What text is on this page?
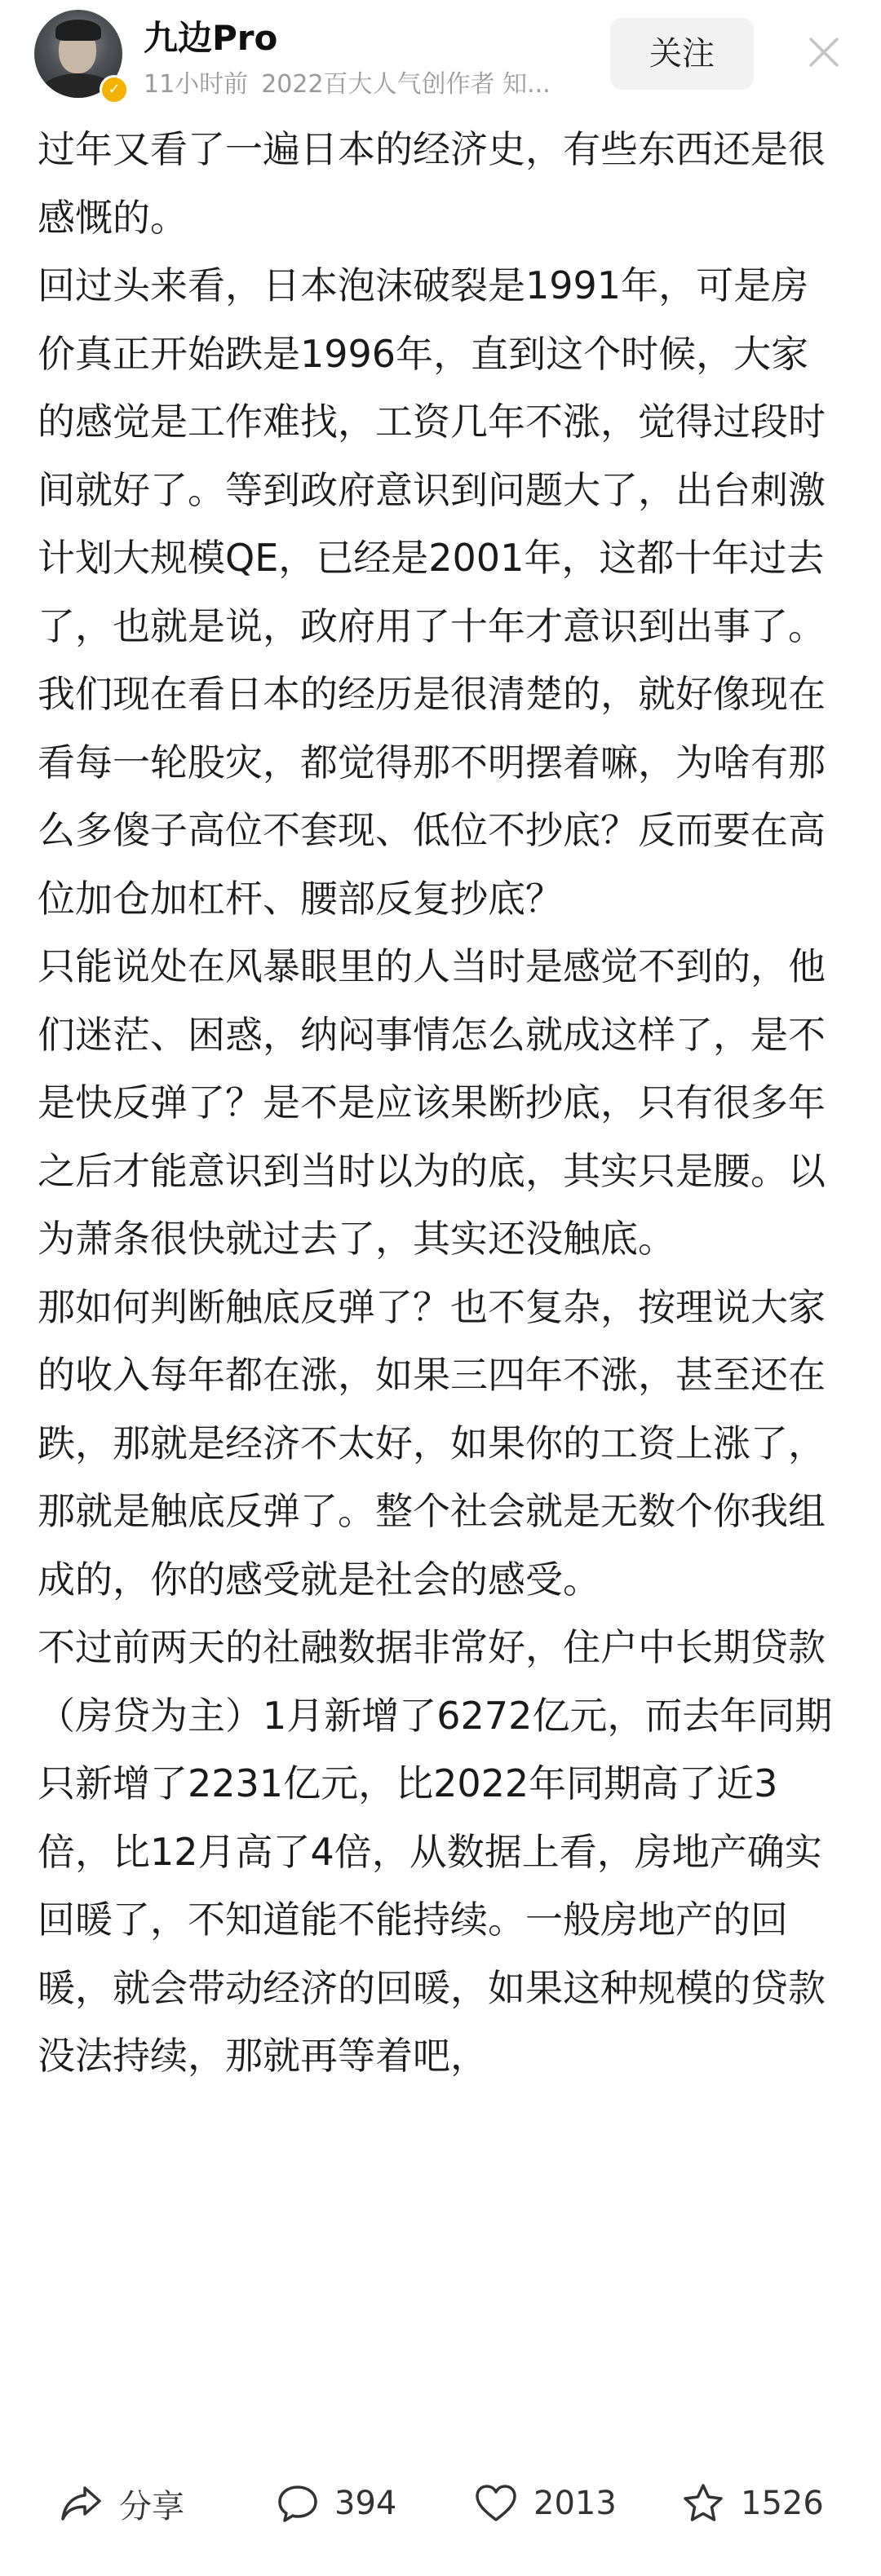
✓
九边Pro
11小时前 2022百大人气创作者 知...
关注

过年又看了一遍日本的经济史，有些东西还是很感慨的。

回过头来看，日本泡沫破裂是1991年，可是房价真正开始跌是1996年，直到这个时候，大家的感觉是工作难找，工资几年不涨，觉得过段时间就好了。等到政府意识到问题大了，出台刺激计划大规模QE，已经是2001年，这都十年过去了，也就是说，政府用了十年才意识到出事了。

我们现在看日本的经历是很清楚的，就好像现在看每一轮股灾，都觉得那不明摆着嘛，为啥有那么多傻子高位不套现、低位不抄底？反而要在高位加仓加杠杆、腰部反复抄底？

只能说处在风暴眼里的人当时是感觉不到的，他们迷茫、困惑，纳闷事情怎么就成这样了，是不是快反弹了？是不是应该果断抄底，只有很多年之后才能意识到当时以为的底，其实只是腰。以为萧条很快就过去了，其实还没触底。

那如何判断触底反弹了？也不复杂，按理说大家的收入每年都在涨，如果三四年不涨，甚至还在跌，那就是经济不太好，如果你的工资上涨了，那就是触底反弹了。整个社会就是无数个你我组成的，你的感受就是社会的感受。

不过前两天的社融数据非常好，住户中长期贷款（房贷为主）1月新增了6272亿元，而去年同期只新增了2231亿元，比2022年同期高了近3倍，比12月高了4倍，从数据上看，房地产确实回暖了，不知道能不能持续。一般房地产的回暖，就会带动经济的回暖，如果这种规模的贷款没法持续，那就再等着吧，

分享	394	2013	1526
